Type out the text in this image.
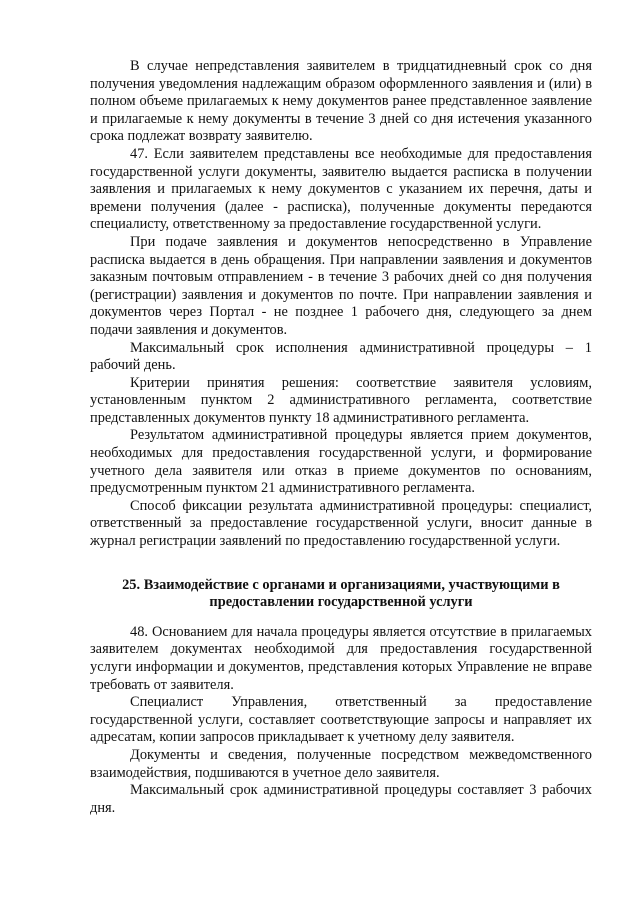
В случае непредставления заявителем в тридцатидневный срок со дня получения уведомления надлежащим образом оформленного заявления и (или) в полном объеме прилагаемых к нему документов ранее представленное заявление и прилагаемые к нему документы в течение 3 дней со дня истечения указанного срока подлежат возврату заявителю.

47. Если заявителем представлены все необходимые для предоставления государственной услуги документы, заявителю выдается расписка в получении заявления и прилагаемых к нему документов с указанием их перечня, даты и времени получения (далее - расписка), полученные документы передаются специалисту, ответственному за предоставление государственной услуги.

При подаче заявления и документов непосредственно в Управление расписка выдается в день обращения. При направлении заявления и документов заказным почтовым отправлением - в течение 3 рабочих дней со дня получения (регистрации) заявления и документов по почте. При направлении заявления и документов через Портал - не позднее 1 рабочего дня, следующего за днем подачи заявления и документов.

Максимальный срок исполнения административной процедуры – 1 рабочий день.

Критерии принятия решения: соответствие заявителя условиям, установленным пунктом 2 административного регламента, соответствие представленных документов пункту 18 административного регламента.

Результатом административной процедуры является прием документов, необходимых для предоставления государственной услуги, и формирование учетного дела заявителя или отказ в приеме документов по основаниям, предусмотренным пунктом 21 административного регламента.

Способ фиксации результата административной процедуры: специалист, ответственный за предоставление государственной услуги, вносит данные в журнал регистрации заявлений по предоставлению государственной услуги.

25. Взаимодействие с органами и организациями, участвующими в
предоставлении государственной услуги

48. Основанием для начала процедуры является отсутствие в прилагаемых заявителем документах необходимой для предоставления государственной услуги информации и документов, представления которых Управление не вправе требовать от заявителя.

Специалист Управления, ответственный за предоставление государственной услуги, составляет соответствующие запросы и направляет их адресатам, копии запросов прикладывает к учетному делу заявителя.

Документы и сведения, полученные посредством межведомственного взаимодействия, подшиваются в учетное дело заявителя.

Максимальный срок административной процедуры составляет 3 рабочих дня.
